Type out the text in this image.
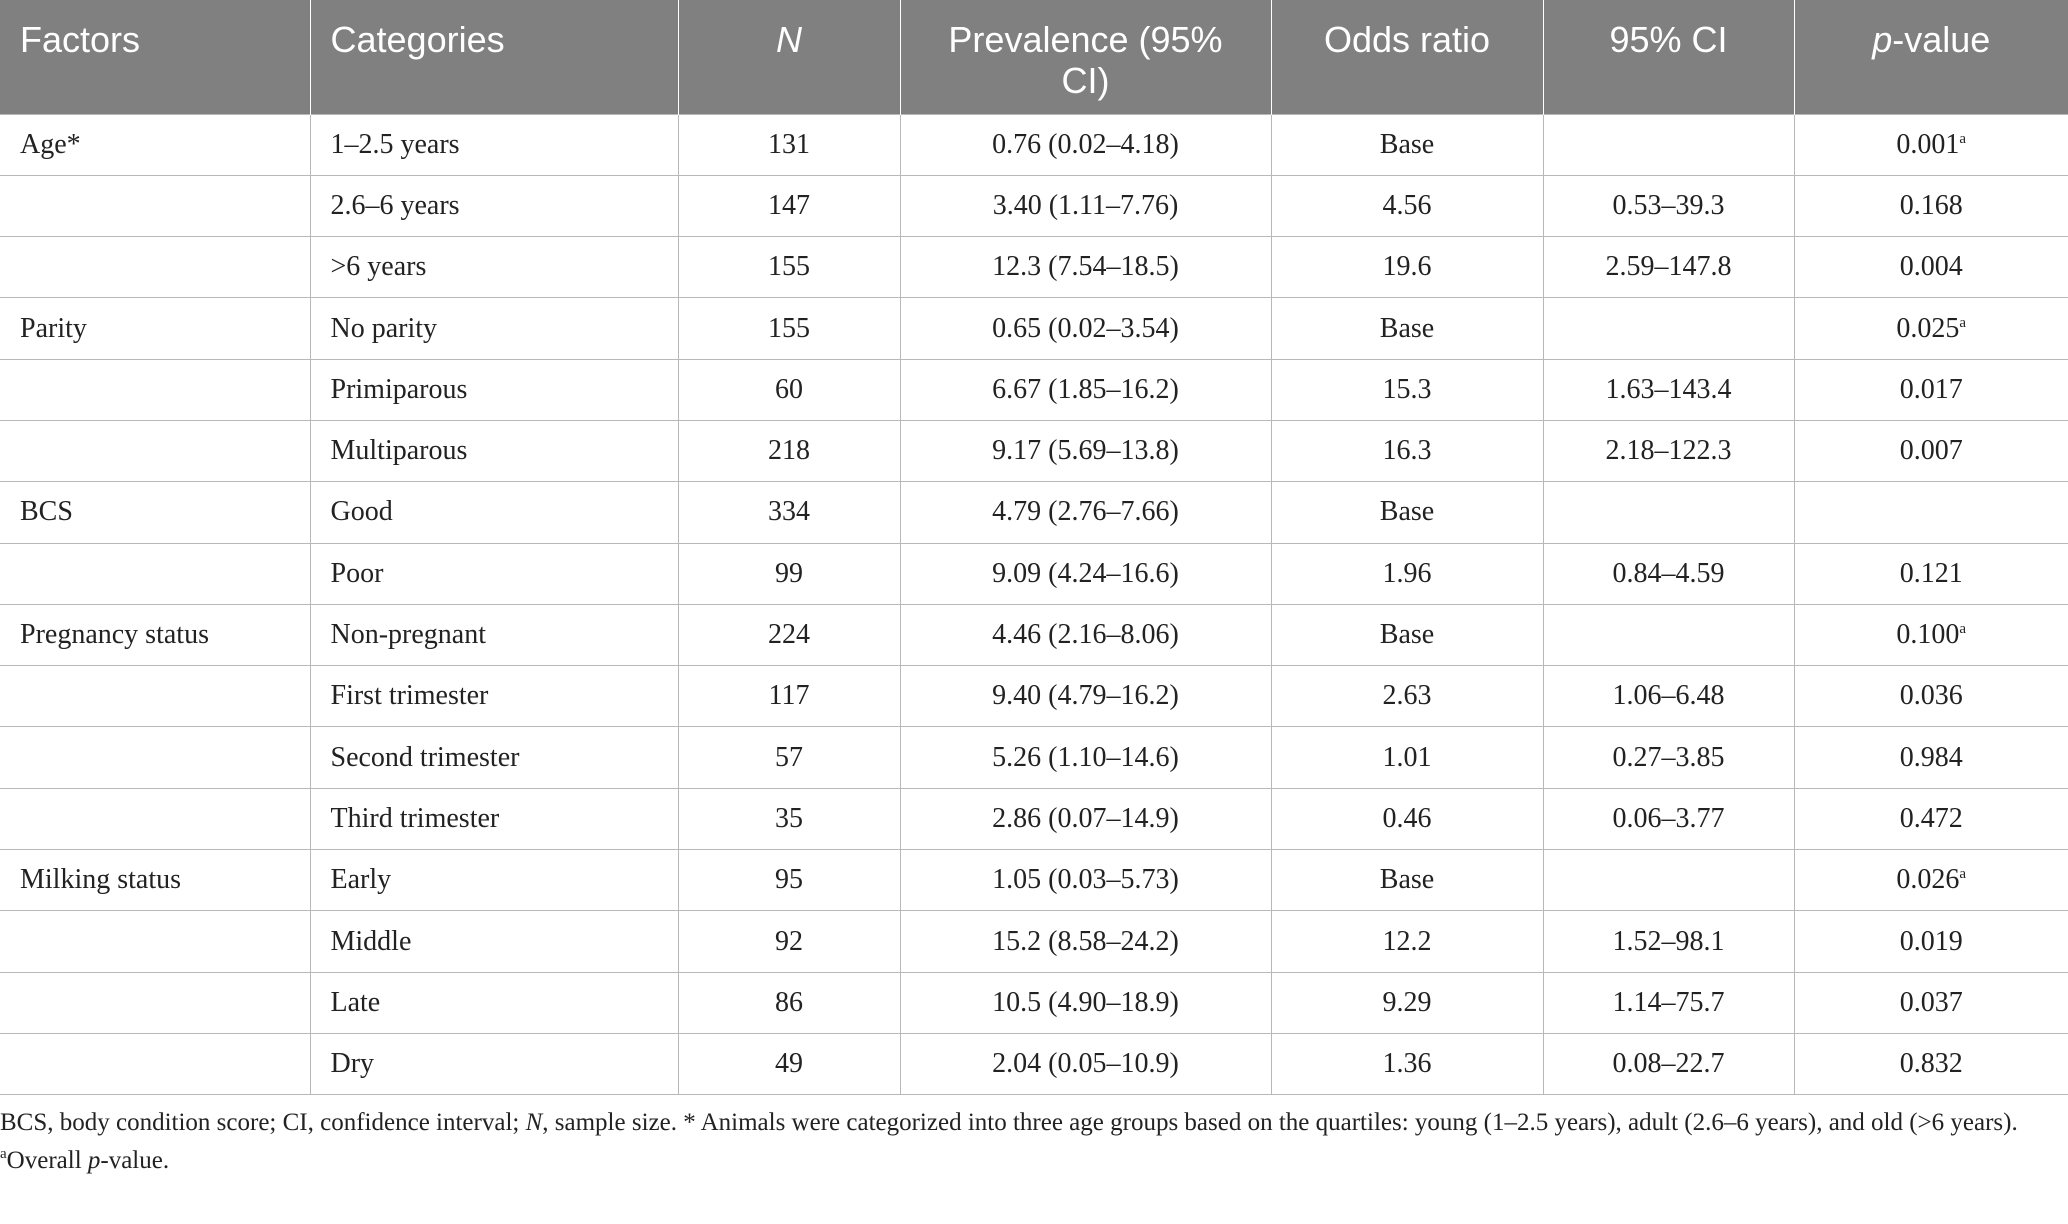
Factors	Categories	N	Prevalence (95% CI)	Odds ratio	95% CI	p-value
Age*	1–2.5 years	131	0.76 (0.02–4.18)	Base		0.001$^a$
	2.6–6 years	147	3.40 (1.11–7.76)	4.56	0.53–39.3	0.168
	>6 years	155	12.3 (7.54–18.5)	19.6	2.59–147.8	0.004
Parity	No parity	155	0.65 (0.02–3.54)	Base		0.025$^a$
	Primiparous	60	6.67 (1.85–16.2)	15.3	1.63–143.4	0.017
	Multiparous	218	9.17 (5.69–13.8)	16.3	2.18–122.3	0.007
BCS	Good	334	4.79 (2.76–7.66)	Base		
	Poor	99	9.09 (4.24–16.6)	1.96	0.84–4.59	0.121
Pregnancy status	Non-pregnant	224	4.46 (2.16–8.06)	Base		0.100$^a$
	First trimester	117	9.40 (4.79–16.2)	2.63	1.06–6.48	0.036
	Second trimester	57	5.26 (1.10–14.6)	1.01	0.27–3.85	0.984
	Third trimester	35	2.86 (0.07–14.9)	0.46	0.06–3.77	0.472
Milking status	Early	95	1.05 (0.03–5.73)	Base		0.026$^a$
	Middle	92	15.2 (8.58–24.2)	12.2	1.52–98.1	0.019
	Late	86	10.5 (4.90–18.9)	9.29	1.14–75.7	0.037
	Dry	49	2.04 (0.05–10.9)	1.36	0.08–22.7	0.832

BCS, body condition score; CI, confidence interval; N, sample size. * Animals were categorized into three age groups based on the quartiles: young (1–2.5 years), adult (2.6–6 years), and old (>6 years).

$^a$Overall p-value.
